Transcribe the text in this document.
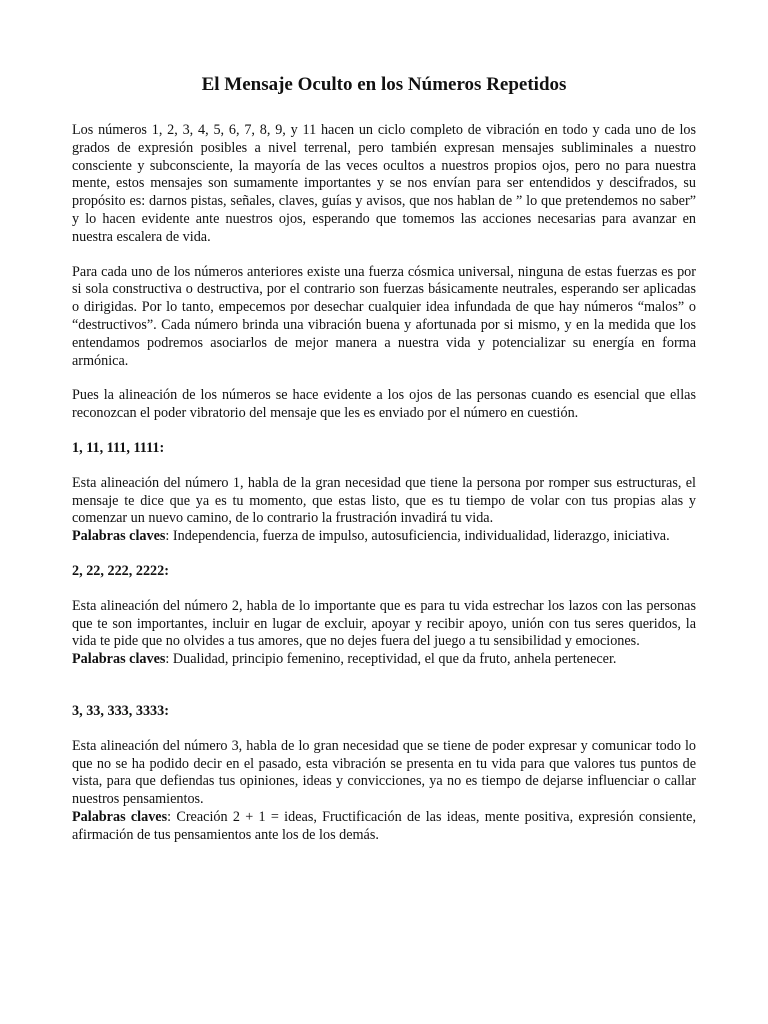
El Mensaje Oculto en los Números Repetidos

Los números 1, 2, 3, 4, 5, 6, 7, 8, 9, y 11 hacen un ciclo completo de vibración en todo y cada uno de los grados de expresión posibles a nivel terrenal, pero también expresan mensajes subliminales a nuestro consciente y subconsciente, la mayoría de las veces ocultos a nuestros propios ojos, pero no para nuestra mente, estos mensajes son sumamente importantes y se nos envían para ser entendidos y descifrados, su propósito es: darnos pistas, señales, claves, guías y avisos, que nos hablan de ” lo que pretendemos no saber” y lo hacen evidente ante nuestros ojos, esperando que tomemos las acciones necesarias para avanzar en nuestra escalera de vida.

Para cada uno de los números anteriores existe una fuerza cósmica universal, ninguna de estas fuerzas es por si sola constructiva o destructiva, por el contrario son fuerzas básicamente neutrales, esperando ser aplicadas o dirigidas. Por lo tanto, empecemos por desechar cualquier idea infundada de que hay números “malos” o “destructivos”. Cada número brinda una vibración buena y afortunada por si mismo, y en la medida que los entendamos podremos asociarlos de mejor manera a nuestra vida y potencializar su energía en forma armónica.

Pues la alineación de los números se hace evidente a los ojos de las personas cuando es esencial que ellas reconozcan el poder vibratorio del mensaje que les es enviado por el número en cuestión.

1, 11, 111, 1111:

Esta alineación del número 1, habla de la gran necesidad que tiene la persona por romper sus estructuras, el mensaje te dice que ya es tu momento, que estas listo, que es tu tiempo de volar con tus propias alas y comenzar un nuevo camino, de lo contrario la frustración invadirá tu vida.

Palabras claves: Independencia, fuerza de impulso, autosuficiencia, individualidad, liderazgo, iniciativa.

2, 22, 222, 2222:

Esta alineación del número 2, habla de lo importante que es para tu vida estrechar los lazos con las personas que te son importantes, incluir en lugar de excluir, apoyar y recibir apoyo, unión con tus seres queridos, la vida te pide que no olvides a tus amores, que no dejes fuera del juego a tu sensibilidad y emociones.

Palabras claves: Dualidad, principio femenino, receptividad, el que da fruto, anhela pertenecer.

3, 33, 333, 3333:

Esta alineación del número 3, habla de lo gran necesidad que se tiene de poder expresar y comunicar todo lo que no se ha podido decir en el pasado, esta vibración se presenta en tu vida para que valores tus puntos de vista, para que defiendas tus opiniones, ideas y convicciones, ya no es tiempo de dejarse influenciar o callar nuestros pensamientos.

Palabras claves: Creación 2 + 1 = ideas, Fructificación de las ideas, mente positiva, expresión consiente, afirmación de tus pensamientos ante los de los demás.
